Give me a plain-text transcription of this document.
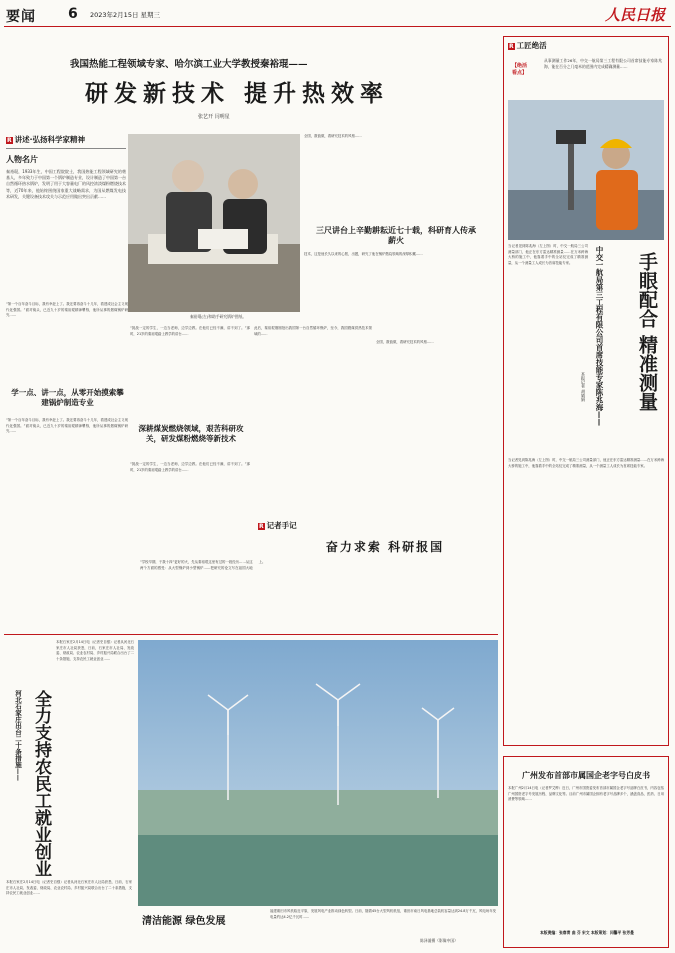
要闻 6 2023年2月15日 星期三	人民日报
我国热能工程领域专家、哈尔滨工业大学教授秦裕琨——
研发新技术 提升热效率
张艺开 闫明星
R 讲述·弘扬科学家精神
人物名片
秦裕琨，1933年生，中国工程院院士，我国热能工程领域研究的奠基人，多年致力于中国第一个锅炉制造专业，设计制造了中国第一台自然循环热水锅炉，发明了用于大容量电厂的风控浓淡煤粉燃烧技术等，近70年来，他始终围绕国家重大战略需求，为国从燃煤发电技术研发，关键设备技术攻关与示范应用做出突出贡献……
秦裕琨(左)和助手研究锅炉图纸。
全国，数值做，看研究技术的风格……
三尺讲台上辛勤耕耘近七十载，科研育人传承薪火
技术，这是他长久以来的心愿，出题，研究了他在锅炉燃烧领域的深厚积累……
“第一个百年奋斗目标，我有幸赶上了。我还要再奋斗十几年，看建成社会主义现代化强国。”面对镜头，已近九十岁的秦裕琨精神矍铄，他所从事的燃煤锅炉研究……
学一点、讲一点，从零开始摸索攀建锅炉制造专业
“第一个百年奋斗目标，我有幸赶上了。我还要再奋斗十几年，看建成社会主义现代化强国。”面对镜头，已近九十岁的秦裕琨精神矍铄，他所从事的燃煤锅炉研究……
“挑战一定的学生，一边当老师，边学边教。在他们已经不满，讲不到了。”那时，21岁的秦裕琨踏上教学的讲台……
深耕煤炭燃烧领域，艰苦科研攻关，研发煤粉燃烧等新技术
“挑战一定的学生，一边当老师，边学边教。在他们已经不满，讲不到了。”那时，21岁的秦裕琨踏上教学的讲台……
此后，秦裕琨刚刚批出我国第一台自然循环锅炉，至今，我国燃煤供热技术领域的……
全国，数值做，看研究技术的风格……
R 记者手记
奋力求索 科研报国
“学校早期，于我十四“更好的火，先从秦裕琨这里有过的一段经历……从这两个方面的感受：从大型锅炉到小型锅炉……把研究的论文写在祖国大地上。
河北石家庄出台二十条措施—— 全力支持农民工就业创业
本报石家庄2月14日电（记者史自强）记者从河北石家庄市人社局获悉，日前，石家庄市人社局、发改委、财政局、农业农村局、乡村振兴局联合出台了二十条措施，支持农民工就业创业……
本报石家庄2月14日电（记者史自强）记者从河北石家庄市人社局获悉，日前，石家庄市人社局、发改委、财政局、农业农村局、乡村振兴局联合出台了二十条措施，支持农民工就业创业……
清洁能源 绿色发展
福建莆田市风机临近平原，发展风电产业推动绿色转型。日前，随着45台大型风机机组，莆田市南日风电基地总装机容量达到24.8万千瓦，风电场年发电量约达4.2亿千瓦时……
陈泽浦摄（影像中国）
R 工匠绝活
从事测量工作26年，中交一航局第三工程有限公司首席技能专家陈兆海，能在百分之几毫米的范围内完成精确测量……
【绝活
看点】
中交一航局第三工程有限公司首席技能专家陈兆海——	手眼配合 精准测量
本报记者 胡婧娟
当记者见到陈兆海（左上图）时，中交一航局三公司测量部门，他正在东方雷达精准测量……在万米跨海大桥的施工中，他靠着手中的全站仪完成了精准测量，从一个测量工人成长为首席技能专家。
当记者见到陈兆海（左上图）时，中交一航局三公司测量部门，他正在东方雷达精准测量……在万米跨海大桥的施工中，他靠着手中的全站仪完成了精准测量，从一个测量工人成长为首席技能专家。
广州发布首部市属国企老字号白皮书
本报广州2月14日电（记者罗艾桦）近日，广州市国资委发布首部市属国企老字号品牌白皮书，内容包括广州国资老字号发展历程、品牌文化等。目前广州市属国企拥有老字号品牌多个，涵盖食品、医药、日用消费等领域……
本版责编：张春青 曲 芬 宋文 本版策划：闫馨平 张芳曼
